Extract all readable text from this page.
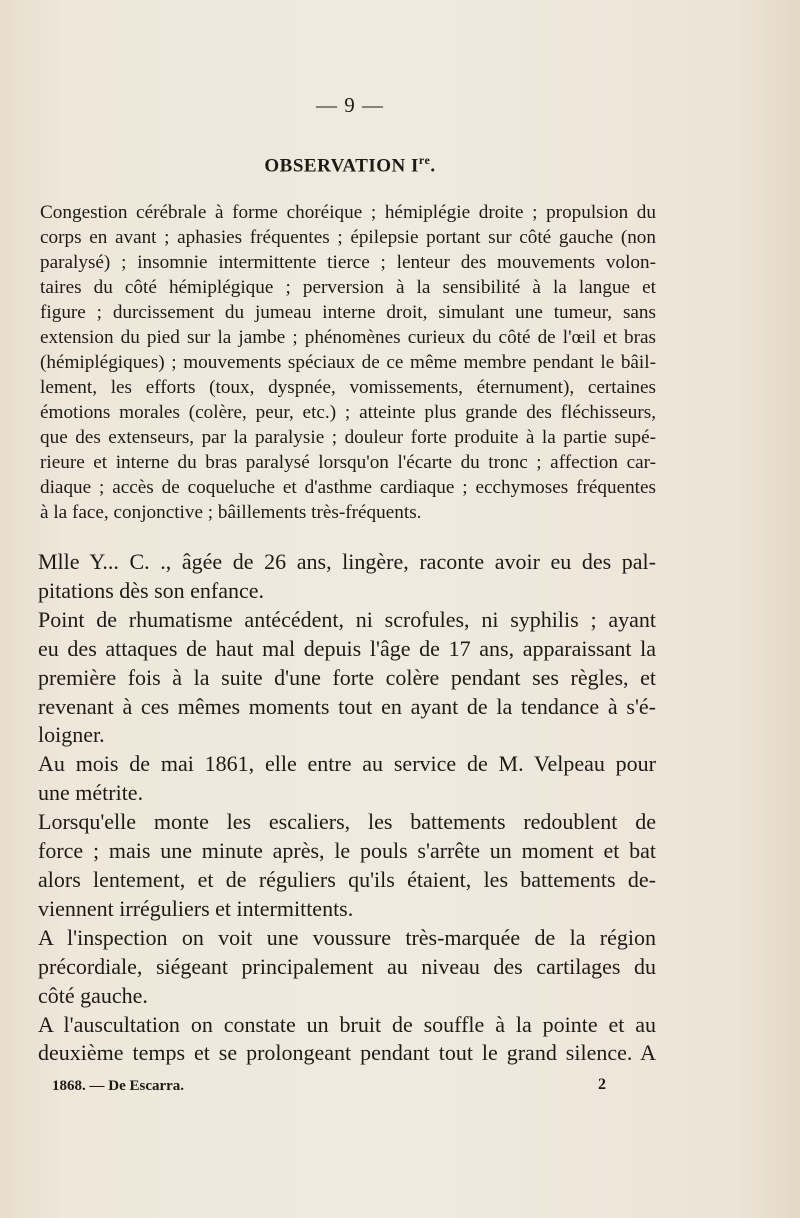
— 9 —
OBSERVATION Ire.
Congestion cérébrale à forme choréique ; hémiplégie droite ; propulsion du
corps en avant ; aphasies fréquentes ; épilepsie portant sur côté gauche (non
paralysé) ; insomnie intermittente tierce ; lenteur des mouvements volon-
taires du côté hémiplégique ; perversion à la sensibilité à la langue et
figure ; durcissement du jumeau interne droit, simulant une tumeur, sans
extension du pied sur la jambe ; phénomènes curieux du côté de l'œil et bras
(hémiplégiques) ; mouvements spéciaux de ce même membre pendant le bâil-
lement, les efforts (toux, dyspnée, vomissements, éternument), certaines
émotions morales (colère, peur, etc.) ; atteinte plus grande des fléchisseurs,
que des extenseurs, par la paralysie ; douleur forte produite à la partie supé-
rieure et interne du bras paralysé lorsqu'on l'écarte du tronc ; affection car-
diaque ; accès de coqueluche et d'asthme cardiaque ; ecchymoses fréquentes
à la face, conjonctive ; bâillements très-fréquents.
Mlle Y... C. ., âgée de 26 ans, lingère, raconte avoir eu des pal-
pitations dès son enfance.
Point de rhumatisme antécédent, ni scrofules, ni syphilis ; ayant
eu des attaques de haut mal depuis l'âge de 17 ans, apparaissant la
première fois à la suite d'une forte colère pendant ses règles, et
revenant à ces mêmes moments tout en ayant de la tendance à s'é-
loigner.
Au mois de mai 1861, elle entre au service de M. Velpeau pour
une métrite.
Lorsqu'elle monte les escaliers, les battements redoublent de
force ; mais une minute après, le pouls s'arrête un moment et bat
alors lentement, et de réguliers qu'ils étaient, les battements de-
viennent irréguliers et intermittents.
A l'inspection on voit une voussure très-marquée de la région
précordiale, siégeant principalement au niveau des cartilages du
côté gauche.
A l'auscultation on constate un bruit de souffle à la pointe et au
deuxième temps et se prolongeant pendant tout le grand silence. A
1868. — De Escarra.	2
